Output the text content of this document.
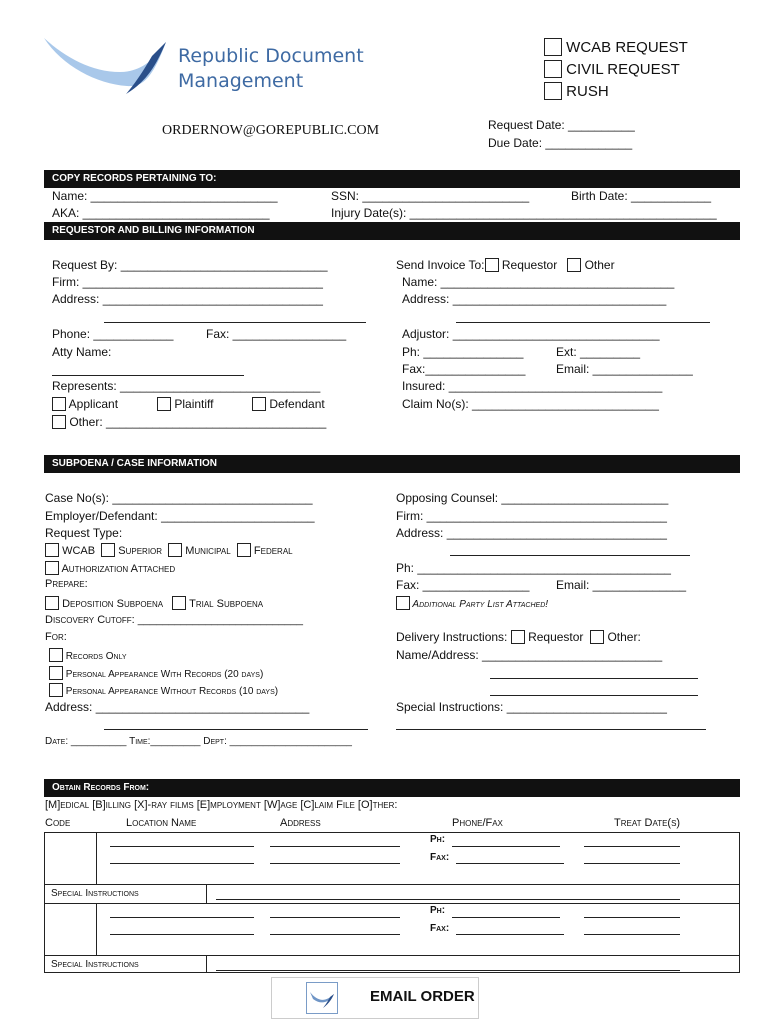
Republic Document
Management
ORDERNOW@GOREPUBLIC.COM
WCAB REQUEST
CIVIL REQUEST
RUSH
Request Date: __________
Due Date: _____________
COPY RECORDS PERTAINING TO:
Name: ____________________________	SSN: _________________________	Birth Date: ____________
AKA: ____________________________	Injury Date(s): ______________________________________________
REQUESTOR AND BILLING INFORMATION
Request By: _______________________________
Firm: ____________________________________
Address: _________________________________
Phone: ____________	Fax: _________________
Atty Name:
Represents: ______________________________
Applicant	Plaintiff	Defendant
Other: _________________________________
Send Invoice To: Requestor Other
Name: ___________________________________
Address: ________________________________
Adjustor: _______________________________
Ph: _______________	Ext: _________
Fax:_______________	Email: _______________
Insured: ________________________________
Claim No(s): ____________________________
SUBPOENA / CASE INFORMATION
Case No(s): ______________________________
Employer/Defendant: _______________________
Request Type:
WCAB Superior Municipal Federal
Authorization Attached
Prepare:
Deposition Subpoena Trial Subpoena
Discovery Cutoff: ___________________________
For:
Records Only
Personal Appearance With Records (20 days)
Personal Appearance Without Records (10 days)
Address: ________________________________
Date: __________ Time:_________ Dept: ______________________
Opposing Counsel: _________________________
Firm: ____________________________________
Address: _________________________________
Ph: ______________________________________
Fax: ________________ Email: ______________
Additional Party List Attached!
Delivery Instructions: Requestor Other:
Name/Address: ___________________________
Special Instructions: ________________________
Obtain Records From:
[M]edical [B]illing [X]-ray films [E]mployment [W]age [C]laim File [O]ther:
Code	Location Name	Address	Phone/Fax	Treat Date(s)
Ph:
Fax:
Special Instructions
Ph:
Fax:
Special Instructions
EMAIL ORDER
